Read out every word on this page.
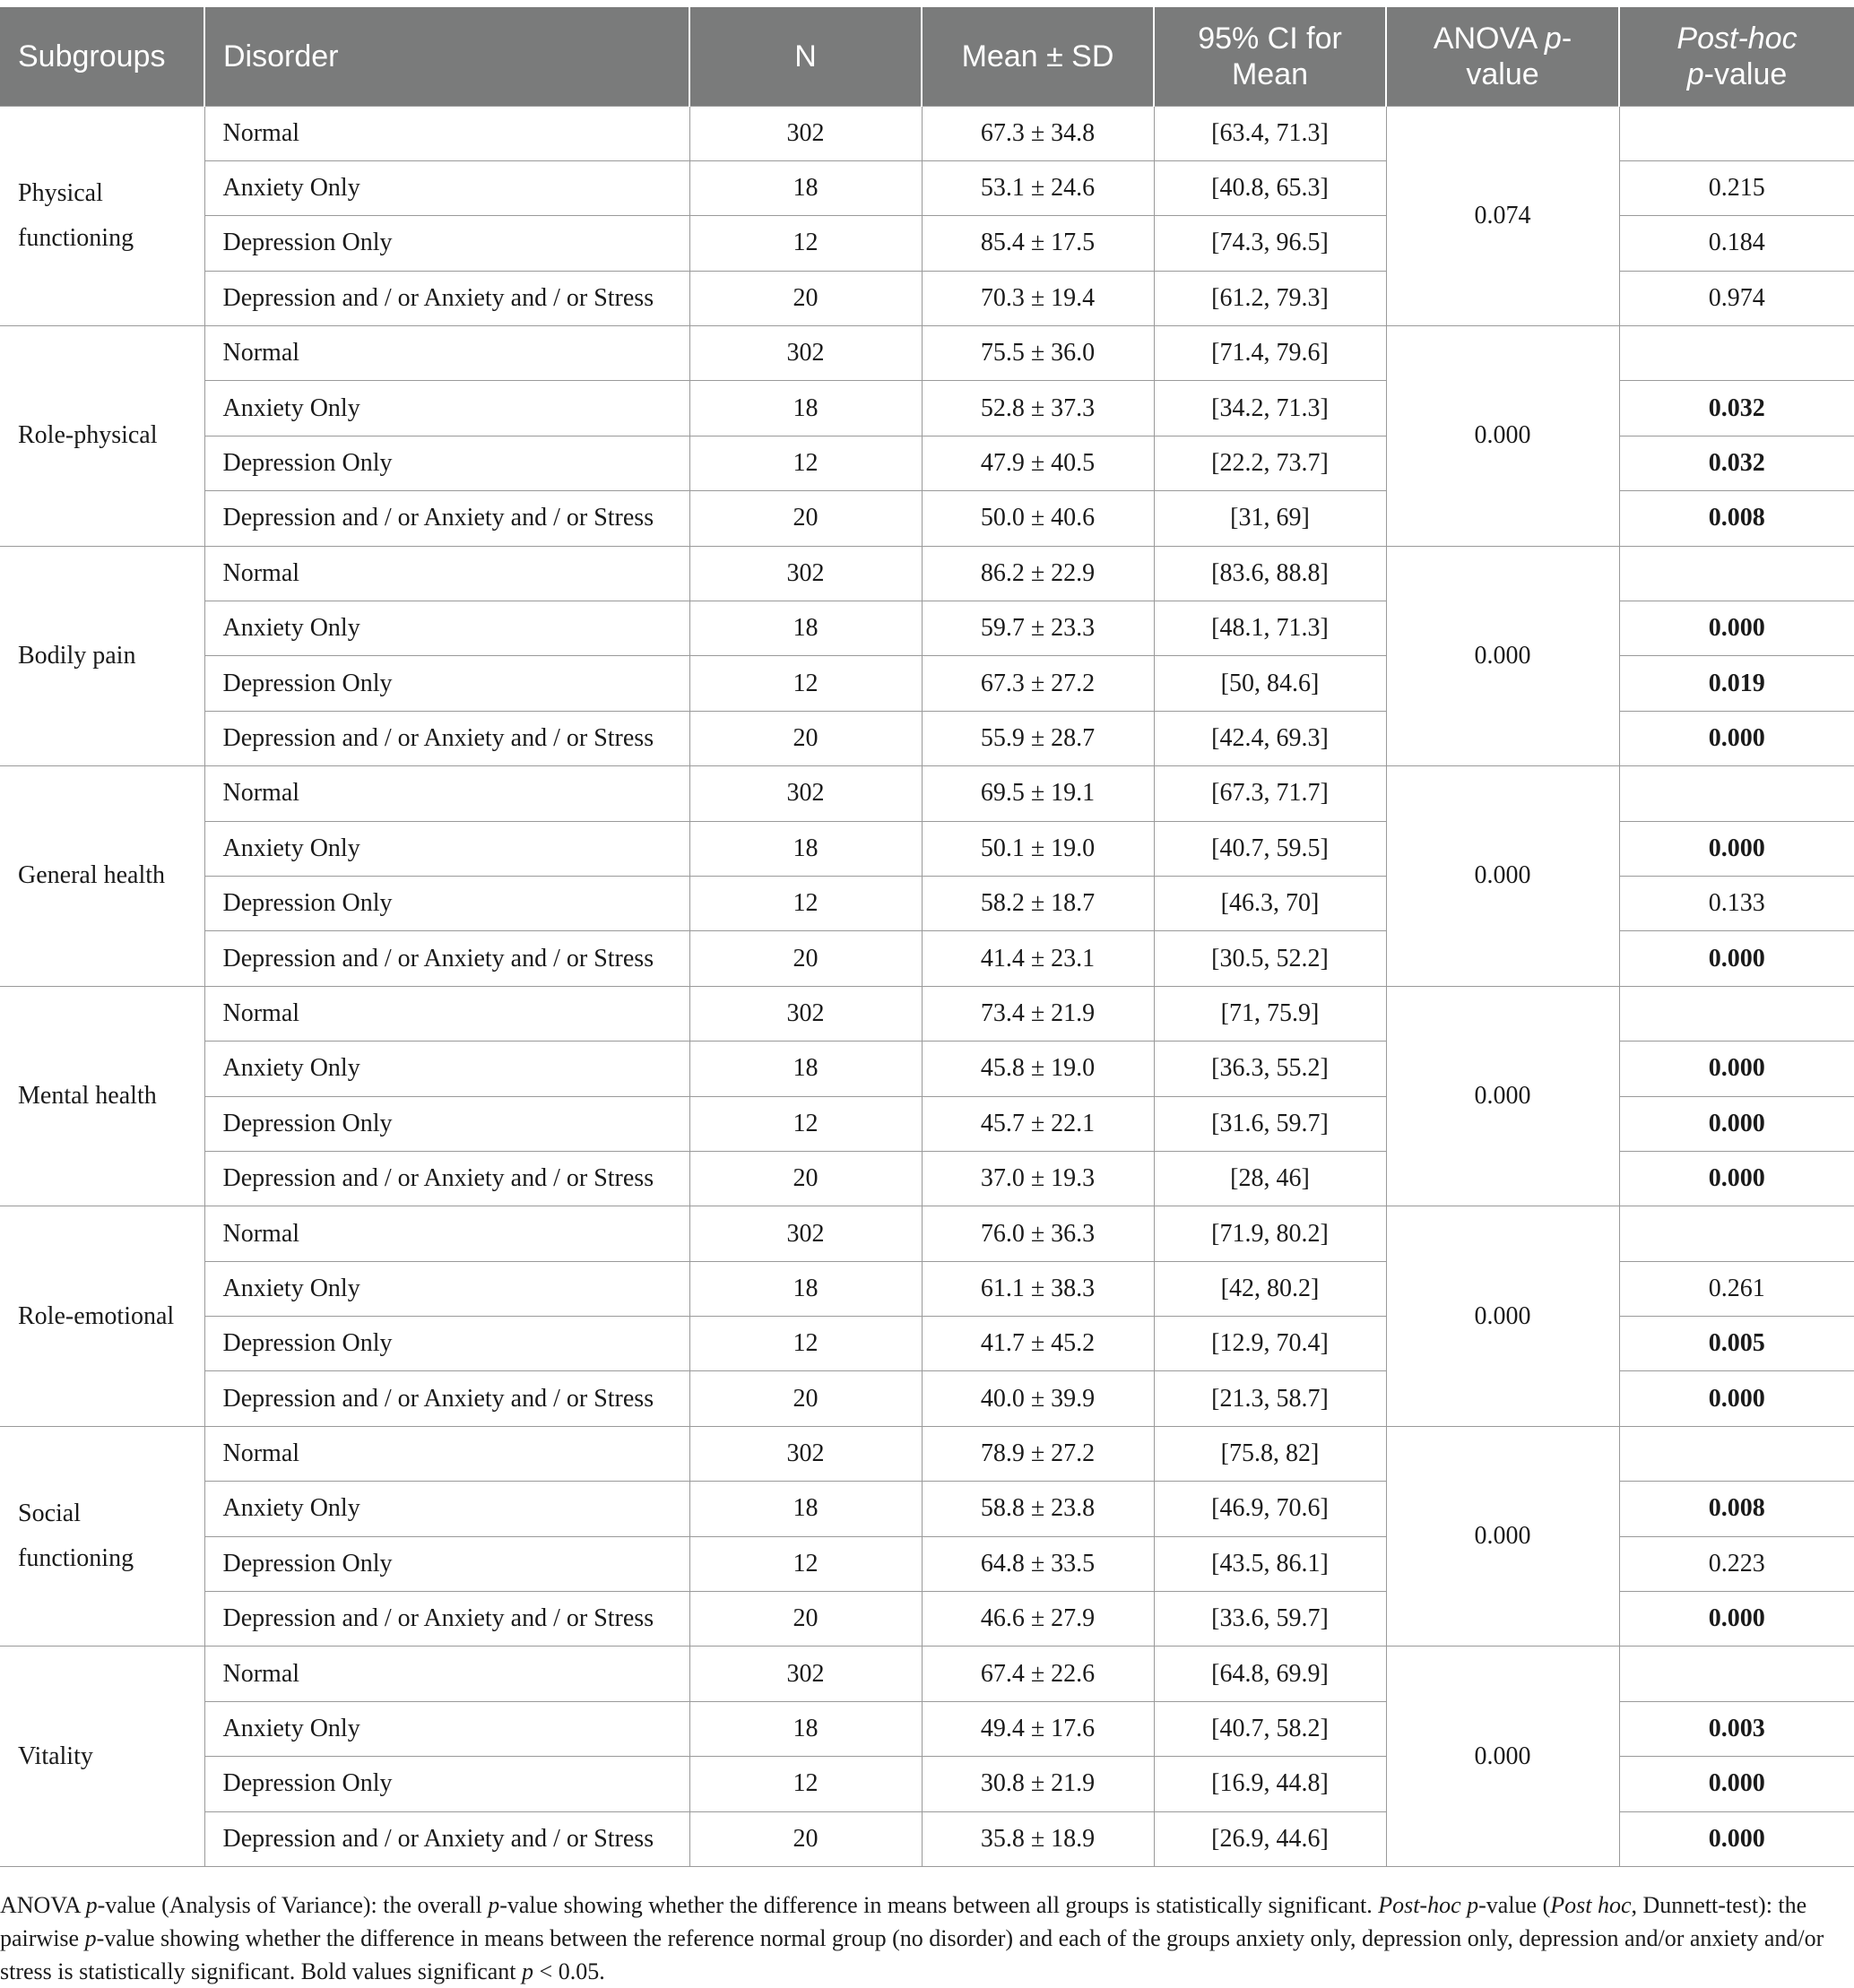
Subgroups	Disorder	N	Mean ± SD	95% CI for Mean	ANOVA p-value	Post-hoc
p-value
Physical functioning	Normal	302	67.3 ± 34.8	[63.4, 71.3]	0.074	
	Anxiety Only	18	53.1 ± 24.6	[40.8, 65.3]		0.215
	Depression Only	12	85.4 ± 17.5	[74.3, 96.5]		0.184
	Depression and / or Anxiety and / or Stress	20	70.3 ± 19.4	[61.2, 79.3]		0.974
Role-physical	Normal	302	75.5 ± 36.0	[71.4, 79.6]	0.000	
	Anxiety Only	18	52.8 ± 37.3	[34.2, 71.3]		0.032
	Depression Only	12	47.9 ± 40.5	[22.2, 73.7]		0.032
	Depression and / or Anxiety and / or Stress	20	50.0 ± 40.6	[31, 69]		0.008
Bodily pain	Normal	302	86.2 ± 22.9	[83.6, 88.8]	0.000	
	Anxiety Only	18	59.7 ± 23.3	[48.1, 71.3]		0.000
	Depression Only	12	67.3 ± 27.2	[50, 84.6]		0.019
	Depression and / or Anxiety and / or Stress	20	55.9 ± 28.7	[42.4, 69.3]		0.000
General health	Normal	302	69.5 ± 19.1	[67.3, 71.7]	0.000	
	Anxiety Only	18	50.1 ± 19.0	[40.7, 59.5]		0.000
	Depression Only	12	58.2 ± 18.7	[46.3, 70]		0.133
	Depression and / or Anxiety and / or Stress	20	41.4 ± 23.1	[30.5, 52.2]		0.000
Mental health	Normal	302	73.4 ± 21.9	[71, 75.9]	0.000	
	Anxiety Only	18	45.8 ± 19.0	[36.3, 55.2]		0.000
	Depression Only	12	45.7 ± 22.1	[31.6, 59.7]		0.000
	Depression and / or Anxiety and / or Stress	20	37.0 ± 19.3	[28, 46]		0.000
Role-emotional	Normal	302	76.0 ± 36.3	[71.9, 80.2]	0.000	
	Anxiety Only	18	61.1 ± 38.3	[42, 80.2]		0.261
	Depression Only	12	41.7 ± 45.2	[12.9, 70.4]		0.005
	Depression and / or Anxiety and / or Stress	20	40.0 ± 39.9	[21.3, 58.7]		0.000
Social functioning	Normal	302	78.9 ± 27.2	[75.8, 82]	0.000	
	Anxiety Only	18	58.8 ± 23.8	[46.9, 70.6]		0.008
	Depression Only	12	64.8 ± 33.5	[43.5, 86.1]		0.223
	Depression and / or Anxiety and / or Stress	20	46.6 ± 27.9	[33.6, 59.7]		0.000
Vitality	Normal	302	67.4 ± 22.6	[64.8, 69.9]	0.000	
	Anxiety Only	18	49.4 ± 17.6	[40.7, 58.2]		0.003
	Depression Only	12	30.8 ± 21.9	[16.9, 44.8]		0.000
	Depression and / or Anxiety and / or Stress	20	35.8 ± 18.9	[26.9, 44.6]		0.000
ANOVA p-value (Analysis of Variance): the overall p-value showing whether the difference in means between all groups is statistically significant. Post-hoc p-value (Post hoc, Dunnett-test): the pairwise p-value showing whether the difference in means between the reference normal group (no disorder) and each of the groups anxiety only, depression only, depression and/or anxiety and/or stress is statistically significant. Bold values significant p < 0.05.
